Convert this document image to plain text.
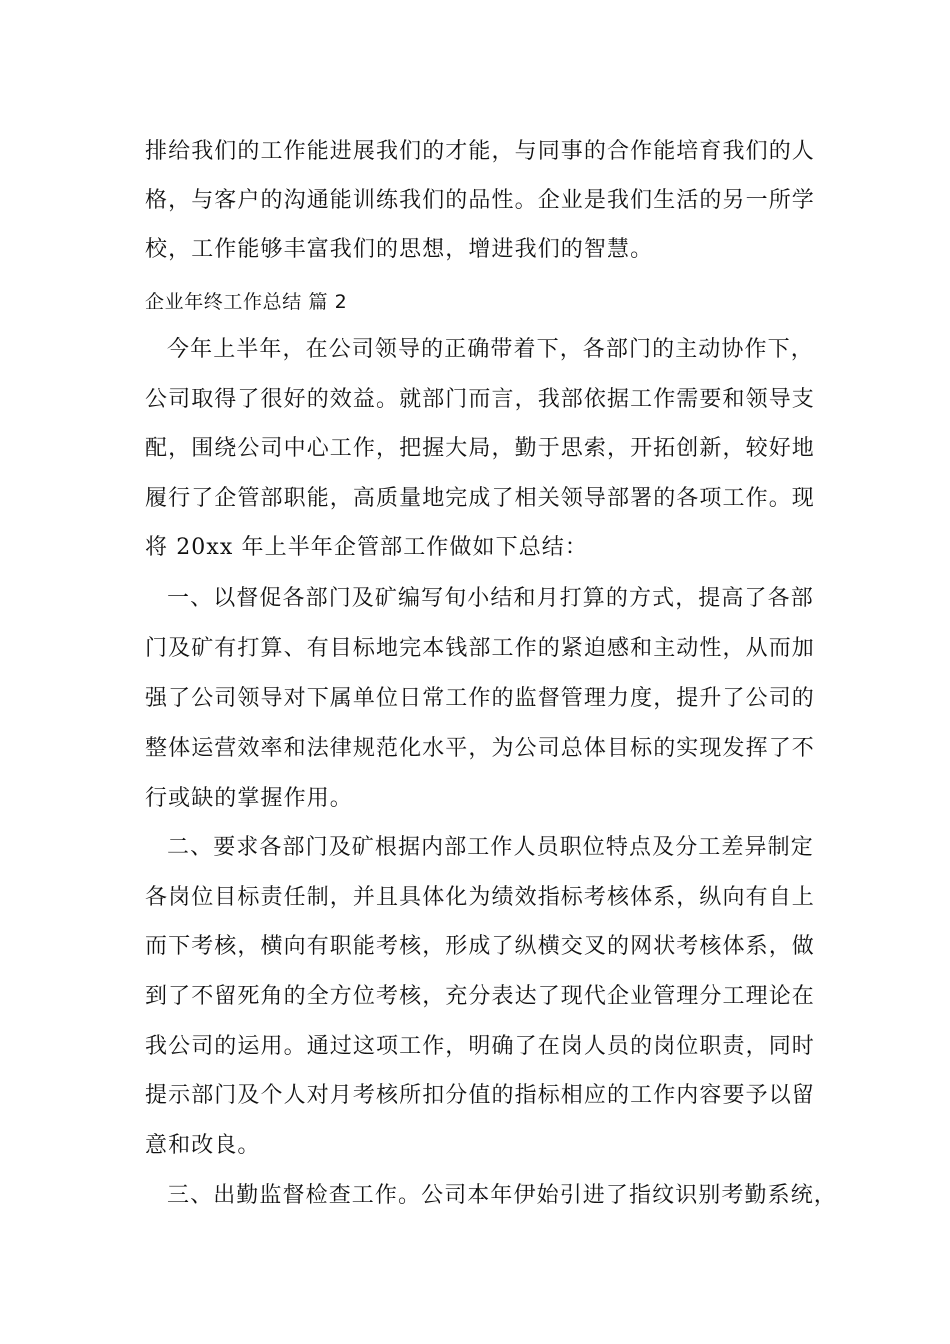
排给我们的工作能进展我们的才能，与同事的合作能培育我们的人
格，与客户的沟通能训练我们的品性。企业是我们生活的另一所学
校，工作能够丰富我们的思想，增进我们的智慧。
企业年终工作总结 篇 2
今年上半年，在公司领导的正确带着下，各部门的主动协作下，
公司取得了很好的效益。就部门而言，我部依据工作需要和领导支
配，围绕公司中心工作，把握大局，勤于思索，开拓创新，较好地
履行了企管部职能，高质量地完成了相关领导部署的各项工作。现
将 20xx 年上半年企管部工作做如下总结：
一、以督促各部门及矿编写旬小结和月打算的方式，提高了各部
门及矿有打算、有目标地完本钱部工作的紧迫感和主动性，从而加
强了公司领导对下属单位日常工作的监督管理力度，提升了公司的
整体运营效率和法律规范化水平，为公司总体目标的实现发挥了不
行或缺的掌握作用。
二、要求各部门及矿根据内部工作人员职位特点及分工差异制定
各岗位目标责任制，并且具体化为绩效指标考核体系，纵向有自上
而下考核，横向有职能考核，形成了纵横交叉的网状考核体系，做
到了不留死角的全方位考核，充分表达了现代企业管理分工理论在
我公司的运用。通过这项工作，明确了在岗人员的岗位职责，同时
提示部门及个人对月考核所扣分值的指标相应的工作内容要予以留
意和改良。
三、出勤监督检查工作。公司本年伊始引进了指纹识别考勤系统，
